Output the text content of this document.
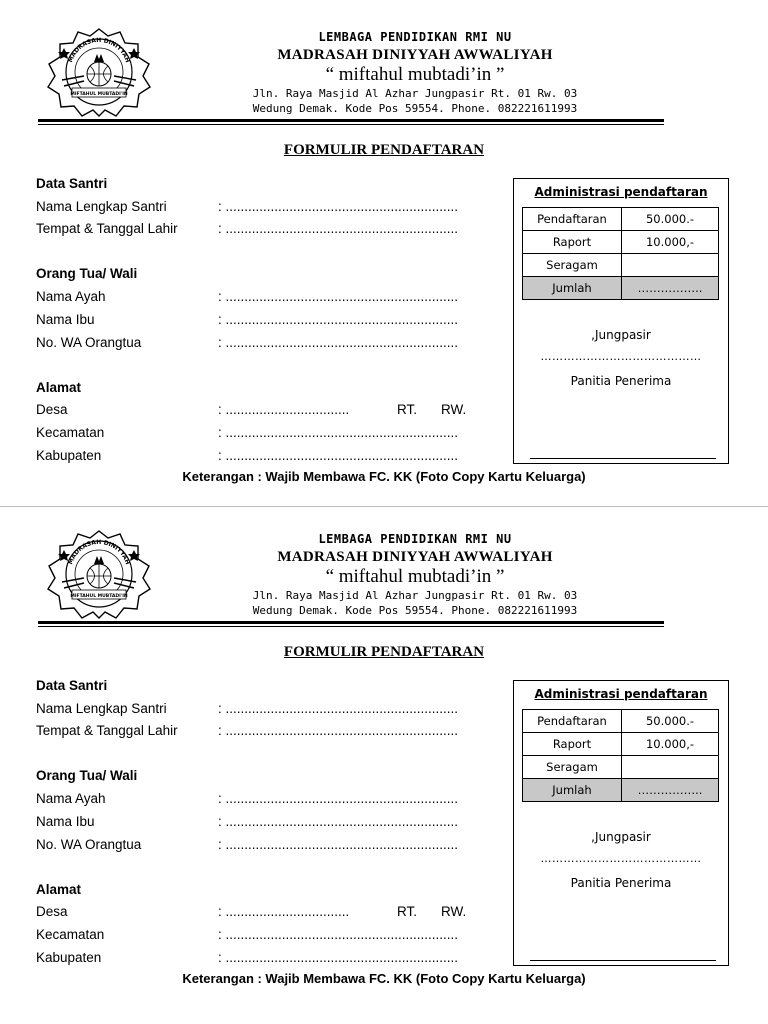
MADRASAH DINIYYAH
MIFTAHUL MUBTADI'IN
LEMBAGA PENDIDIKAN RMI NU
MADRASAH DINIYYAH AWWALIYAH
“ miftahul mubtadi’in ”
Jln. Raya Masjid Al Azhar Jungpasir Rt. 01 Rw. 03
Wedung Demak. Kode Pos 59554. Phone. 082221611993
FORMULIR PENDAFTARAN
Data Santri
Nama Lengkap Santri	: ..............................................................
Tempat & Tanggal Lahir	: ..............................................................
Orang Tua/ Wali
Nama Ayah	: ..............................................................
Nama Ibu	: ..............................................................
No. WA Orangtua	: ..............................................................
Alamat
Desa	: .................................	RT. RW.
Kecamatan	: ..............................................................
Kabupaten	: ..............................................................
Keterangan : Wajib Membawa FC. KK (Foto Copy Kartu Keluarga)
Administrasi pendaftaran
Pendaftaran	50.000.-
Raport	10.000,-
Seragam	
Jumlah	……………..
,Jungpasir
……………………………………
Panitia Penerima
MADRASAH DINIYYAH
MIFTAHUL MUBTADI'IN
LEMBAGA PENDIDIKAN RMI NU
MADRASAH DINIYYAH AWWALIYAH
“ miftahul mubtadi’in ”
Jln. Raya Masjid Al Azhar Jungpasir Rt. 01 Rw. 03
Wedung Demak. Kode Pos 59554. Phone. 082221611993
FORMULIR PENDAFTARAN
Data Santri
Nama Lengkap Santri	: ..............................................................
Tempat & Tanggal Lahir	: ..............................................................
Orang Tua/ Wali
Nama Ayah	: ..............................................................
Nama Ibu	: ..............................................................
No. WA Orangtua	: ..............................................................
Alamat
Desa	: .................................	RT. RW.
Kecamatan	: ..............................................................
Kabupaten	: ..............................................................
Keterangan : Wajib Membawa FC. KK (Foto Copy Kartu Keluarga)
Administrasi pendaftaran
Pendaftaran	50.000.-
Raport	10.000,-
Seragam	
Jumlah	……………..
,Jungpasir
……………………………………
Panitia Penerima
